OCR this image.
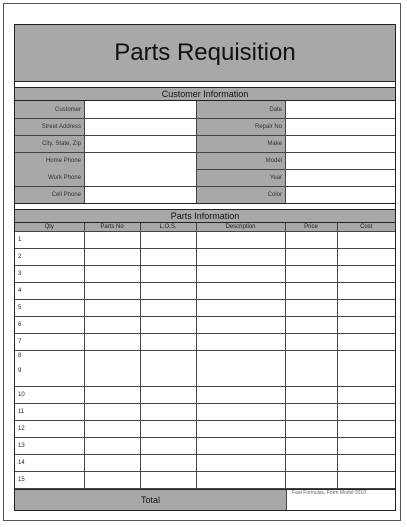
Parts Requisition
Customer Information
Customer	Date
Street Address	Repair No
City, State, Zip	Make
Home Phone	Model
Work Phone	Year
Cell Phone	Color
Parts Information
Qty	Parts No	L.O.S.	Description	Price	Cost
1					
2					
3					
4					
5					
6					
7					

8
9					

10					
11					
12					
13					
14					
15					
Total
Fast Formulas, Form Model 2010
